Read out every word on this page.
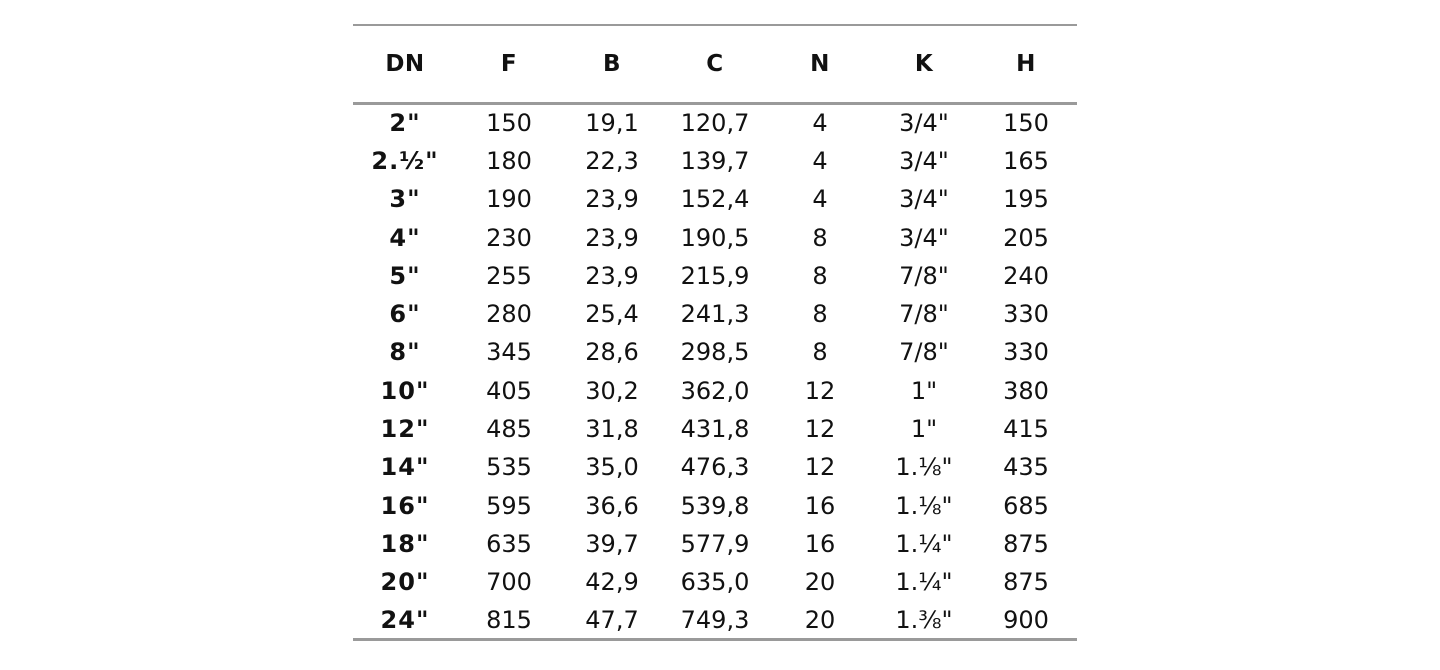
DN	F	B	C	N	K	H
2"	150	19,1	120,7	4	3/4"	150
2.½"	180	22,3	139,7	4	3/4"	165
3"	190	23,9	152,4	4	3/4"	195
4"	230	23,9	190,5	8	3/4"	205
5"	255	23,9	215,9	8	7/8"	240
6"	280	25,4	241,3	8	7/8"	330
8"	345	28,6	298,5	8	7/8"	330
10"	405	30,2	362,0	12	1"	380
12"	485	31,8	431,8	12	1"	415
14"	535	35,0	476,3	12	1.⅛"	435
16"	595	36,6	539,8	16	1.⅛"	685
18"	635	39,7	577,9	16	1.¼"	875
20"	700	42,9	635,0	20	1.¼"	875
24"	815	47,7	749,3	20	1.⅜"	900
